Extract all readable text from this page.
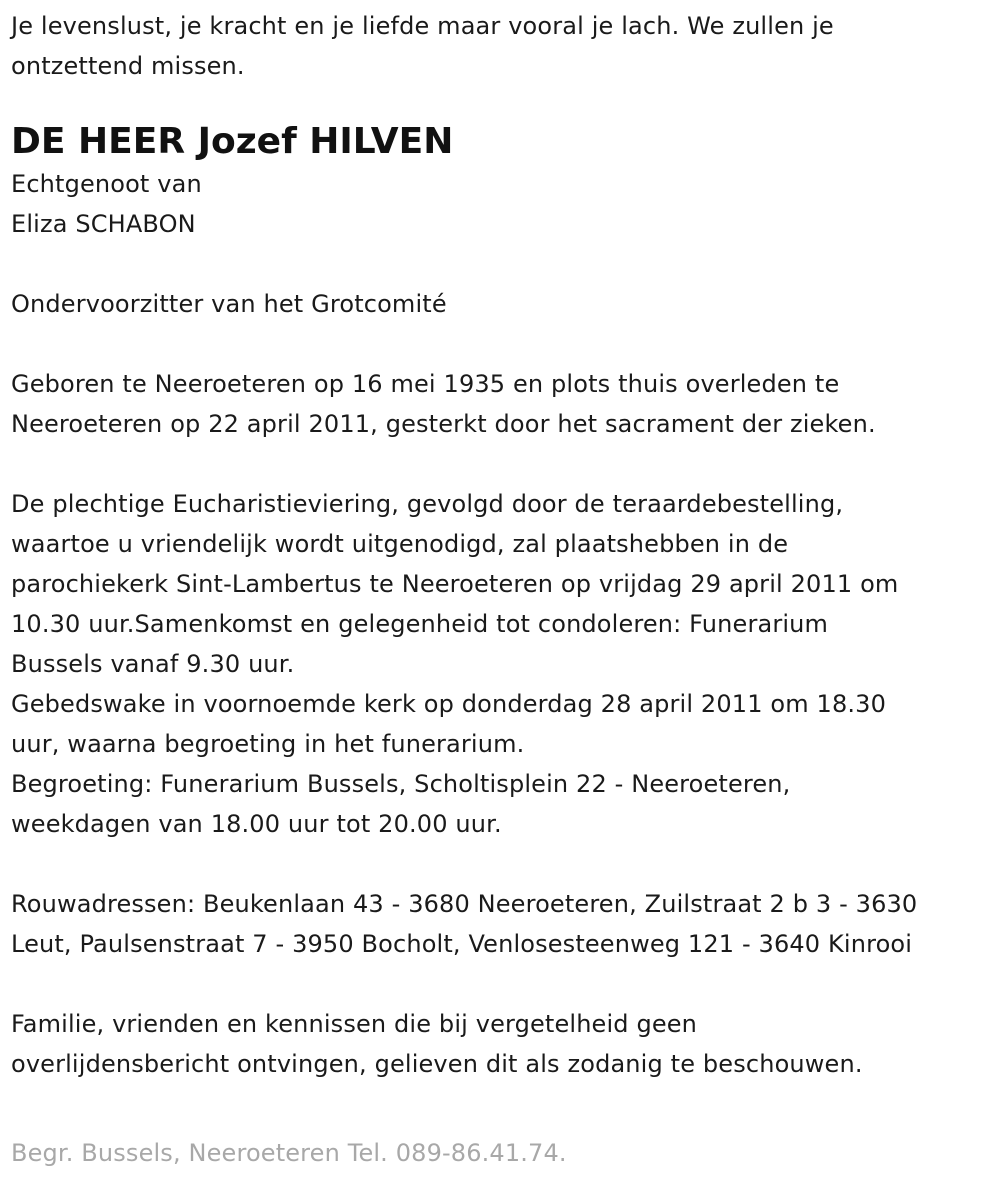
Je levenslust, je kracht en je liefde maar vooral je lach. We zullen je
ontzettend missen.

DE HEER Jozef HILVEN

Echtgenoot van
Eliza SCHABON

Ondervoorzitter van het Grotcomité

Geboren te Neeroeteren op 16 mei 1935 en plots thuis overleden te
Neeroeteren op 22 april 2011, gesterkt door het sacrament der zieken.

De plechtige Eucharistieviering, gevolgd door de teraardebestelling,
waartoe u vriendelijk wordt uitgenodigd, zal plaatshebben in de
parochiekerk Sint-Lambertus te Neeroeteren op vrijdag 29 april 2011 om
10.30 uur.Samenkomst en gelegenheid tot condoleren: Funerarium
Bussels vanaf 9.30 uur.
Gebedswake in voornoemde kerk op donderdag 28 april 2011 om 18.30
uur, waarna begroeting in het funerarium.
Begroeting: Funerarium Bussels, Scholtisplein 22 - Neeroeteren,
weekdagen van 18.00 uur tot 20.00 uur.

Rouwadressen: Beukenlaan 43 - 3680 Neeroeteren, Zuilstraat 2 b 3 - 3630
Leut, Paulsenstraat 7 - 3950 Bocholt, Venlosesteenweg 121 - 3640 Kinrooi

Familie, vrienden en kennissen die bij vergetelheid geen
overlijdensbericht ontvingen, gelieven dit als zodanig te beschouwen.

Begr. Bussels, Neeroeteren Tel. 089-86.41.74.
